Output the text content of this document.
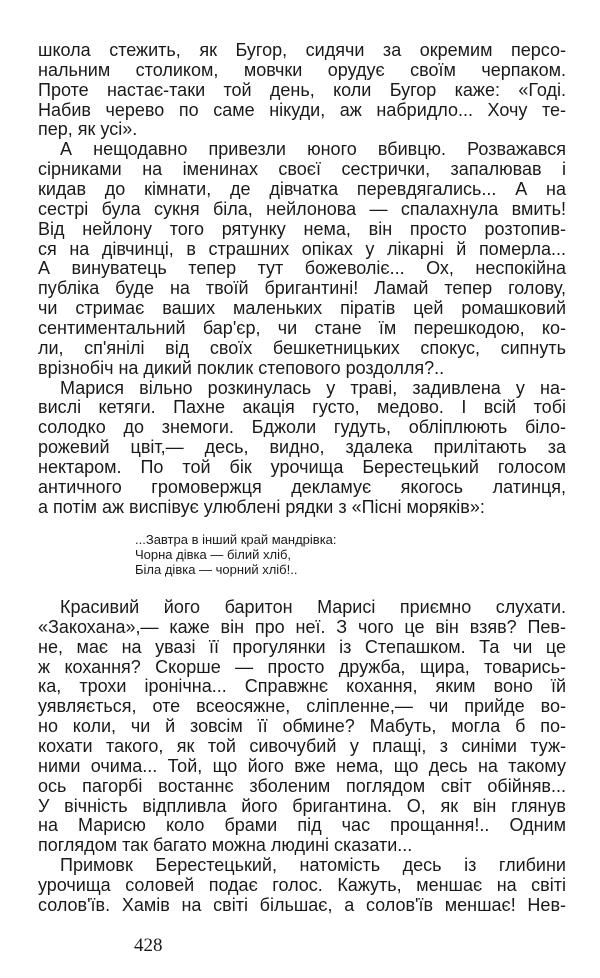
школа стежить, як Бугор, сидячи за окремим персо-
нальним столиком, мовчки орудує своїм черпаком.
Проте настає-таки той день, коли Бугор каже: «Годі.
Набив черево по саме нікуди, аж набридло... Хочу те-
пер, як усі».
А нещодавно привезли юного вбивцю. Розважався
сірниками на іменинах своєї сестрички, запалював і
кидав до кімнати, де дівчатка перевдягались... А на
сестрі була сукня біла, нейлонова — спалахнула вмить!
Від нейлону того рятунку нема, він просто розтопив-
ся на дівчинці, в страшних опіках у лікарні й померла...
А винуватець тепер тут божеволіє... Ох, неспокійна
публіка буде на твоїй бригантині! Ламай тепер голову,
чи стримає ваших маленьких піратів цей ромашковий
сентиментальний бар'єр, чи стане їм перешкодою, ко-
ли, сп'янілі від своїх бешкетницьких спокус, сипнуть
врізнобіч на дикий поклик степового роздолля?..
Марися вільно розкинулась у траві, задивлена у на-
вислі кетяги. Пахне акація густо, медово. І всій тобі
солодко до знемоги. Бджоли гудуть, обліплюють біло-
рожевий цвіт,— десь, видно, здалека прилітають за
нектаром. По той бік урочища Берестецький голосом
античного громовержця декламує якогось латинця,
а потім аж виспівує улюблені рядки з «Пісні моряків»:
...Завтра в інший край мандрівка:
Чорна дівка — білий хліб,
Біла дівка — чорний хліб!..
Красивий його баритон Марисі приємно слухати.
«Закохана»,— каже він про неї. З чого це він взяв? Пев-
не, має на увазі її прогулянки із Степашком. Та чи це
ж кохання? Скорше — просто дружба, щира, товарись-
ка, трохи іронічна... Справжнє кохання, яким воно їй
уявляється, оте всеосяжне, сліпленне,— чи прийде во-
но коли, чи й зовсім її обмине? Мабуть, могла б по-
кохати такого, як той сивочубий у плащі, з синіми туж-
ними очима... Той, що його вже нема, що десь на такому
ось пагорбі востаннє зболеним поглядом світ обійняв...
У вічність відпливла його бригантина. О, як він глянув
на Марисю коло брами під час прощання!.. Одним
поглядом так багато можна людині сказати...
Примовк Берестецький, натомість десь із глибини
урочища соловей подає голос. Кажуть, меншає на світі
солов'їв. Хамів на світі більшає, а солов'їв меншає! Нев-
428
